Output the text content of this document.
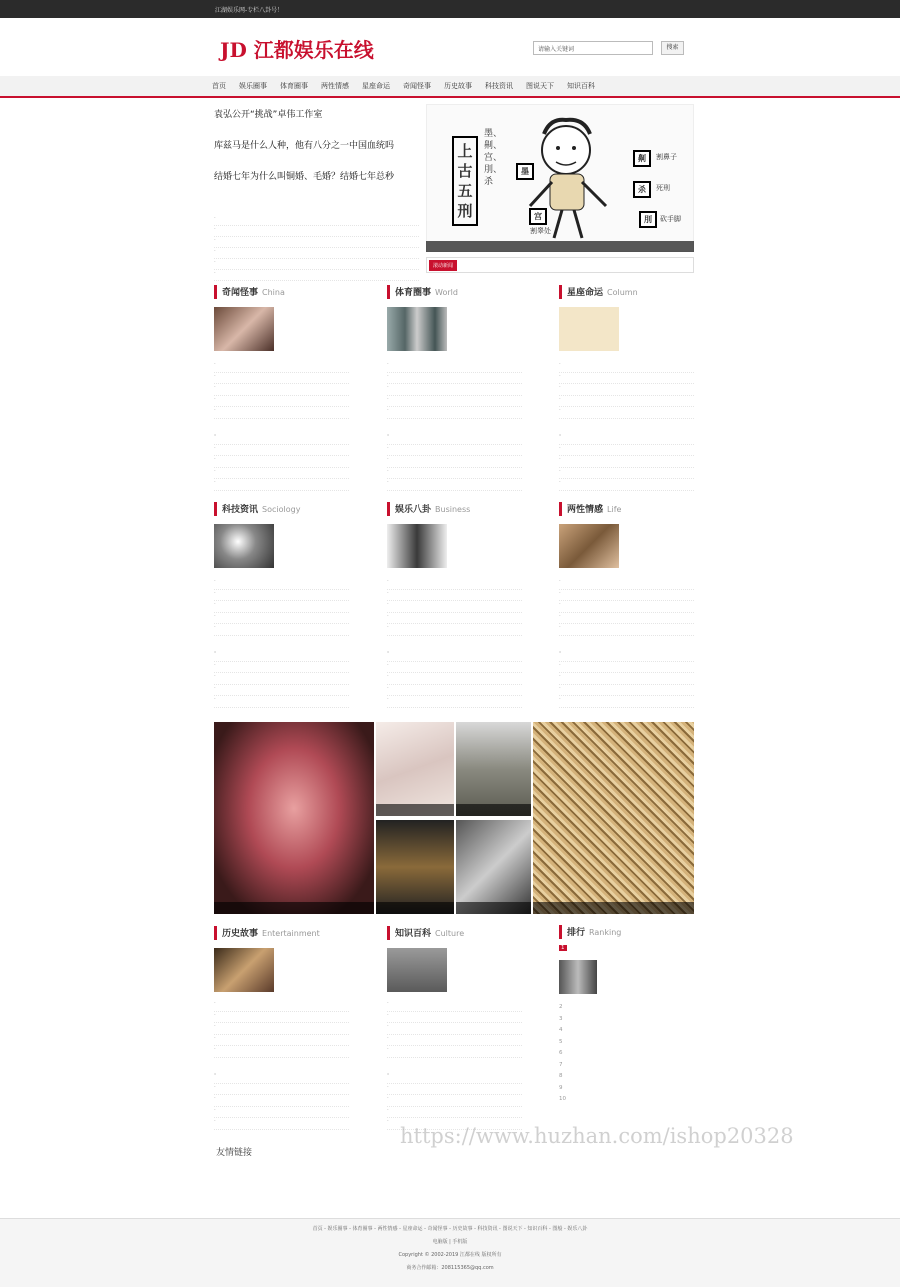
江湖娱乐网-专栏八卦号！
JD 江都娱乐在线	请输入关键词	搜索
首页 娱乐圈事 体育圈事 两性情感 星座命运 奇闻怪事 历史故事 科技资讯 图说天下 知识百科
袁弘公开“挑战”卓伟工作室
库兹马是什么人种，他有八分之一中国血统吗
结婚七年为什么叫铜婚、毛婚？结婚七年总秒
·
·
·
·
·
·
上
古
五
刑
墨、劓、宫、刖、杀
墨
劓
杀
刖
宫
割鼻子
死刑
砍手脚
割睾处
滚动新闻
奇闻怪事 China
·
·
·
·
·
·
·
·
·
·	体育圈事 World
·
·
·
·
·
·
·
·
·
·	星座命运 Column
·
·
·
·
·
·
·
·
·
·
科技资讯 Sociology
·
·
·
·
·
·
·
·
·
·	娱乐八卦 Business
·
·
·
·
·
·
·
·
·
·	两性情感 Life
·
·
·
·
·
·
·
·
·
·
历史故事 Entertainment
·
·
·
·
·
·
·
·
·
·	知识百科 Culture
·
·
·
·
·
·
·
·
·
·	排行 Ranking
1
2
3
4
5
6
7
8
9
10
友情链接
首页 - 娱乐圈事 - 体育圈事 - 两性情感 - 星座命运 - 奇闻怪事 - 历史故事 - 科技资讯 - 图说天下 - 知识百科 - 图般 - 娱乐八卦
电脑版 | 手机版
Copyright © 2002-2019 江都在线 版权所有
商务合作邮箱：208115365@qq.com
https://www.huzhan.com/ishop20328
